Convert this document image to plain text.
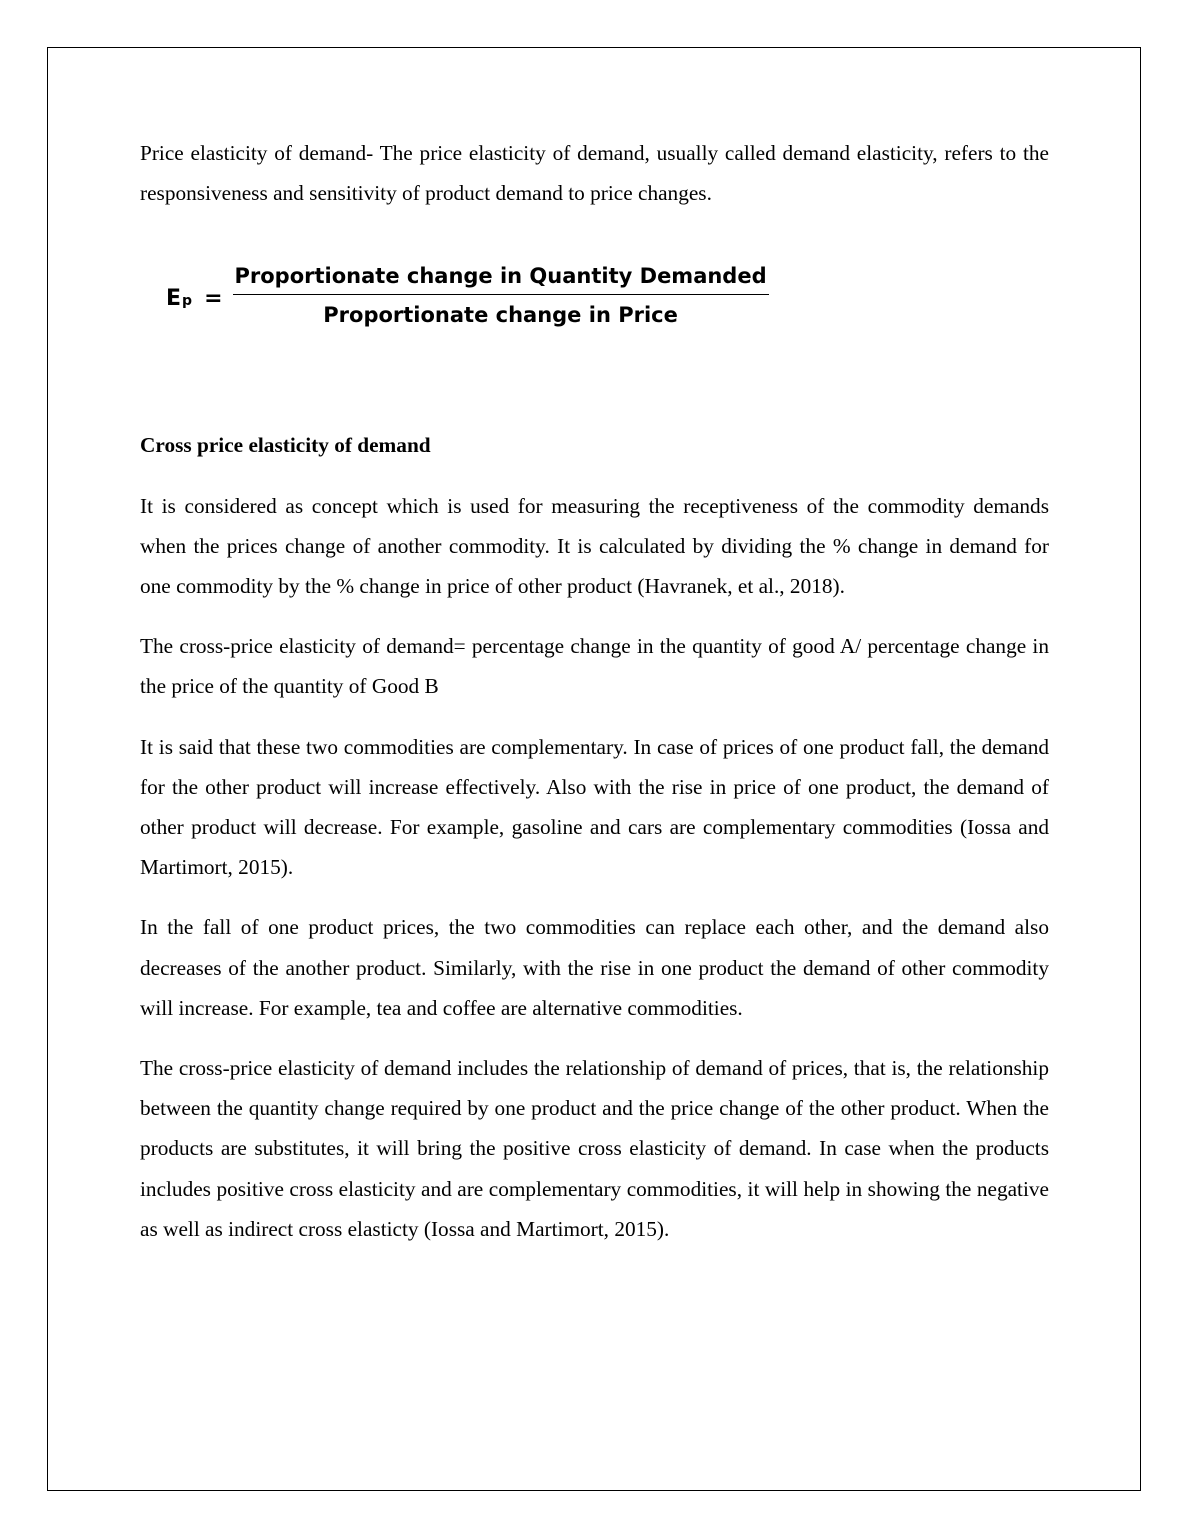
Price elasticity of demand- The price elasticity of demand, usually called demand elasticity, refers to the responsiveness and sensitivity of product demand to price changes.

E $p = \frac{\text{Proportionate change in Quantity Demanded}}{\text{Proportionate change in Price}}$
Cross price elasticity of demand

It is considered as concept which is used for measuring the receptiveness of the commodity demands when the prices change of another commodity. It is calculated by dividing the % change in demand for one commodity by the % change in price of other product (Havranek, et al., 2018).

The cross-price elasticity of demand= percentage change in the quantity of good A/ percentage change in the price of the quantity of Good B

It is said that these two commodities are complementary. In case of prices of one product fall, the demand for the other product will increase effectively. Also with the rise in price of one product, the demand of other product will decrease. For example, gasoline and cars are complementary commodities (Iossa and Martimort, 2015).

In the fall of one product prices, the two commodities can replace each other, and the demand also decreases of the another product. Similarly, with the rise in one product the demand of other commodity will increase. For example, tea and coffee are alternative commodities.

The cross-price elasticity of demand includes the relationship of demand of prices, that is, the relationship between the quantity change required by one product and the price change of the other product. When the products are substitutes, it will bring the positive cross elasticity of demand. In case when the products includes positive cross elasticity and are complementary commodities, it will help in showing the negative as well as indirect cross elasticty (Iossa and Martimort, 2015).
